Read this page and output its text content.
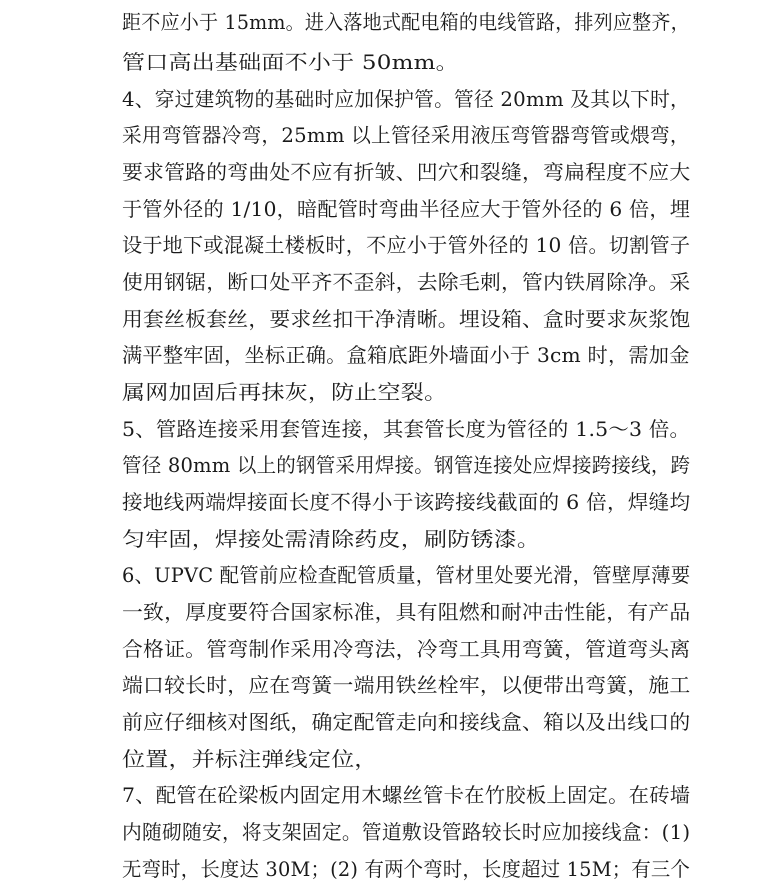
距不应小于 15mm。进入落地式配电箱的电线管路，排列应整齐，
管口高出基础面不小于 50mm。
4、穿过建筑物的基础时应加保护管。管径 20mm 及其以下时，
采用弯管器冷弯，25mm 以上管径采用液压弯管器弯管或煨弯，
要求管路的弯曲处不应有折皱、凹穴和裂缝，弯扁程度不应大
于管外径的 1/10，暗配管时弯曲半径应大于管外径的 6 倍，埋
设于地下或混凝土楼板时，不应小于管外径的 10 倍。切割管子
使用钢锯，断口处平齐不歪斜，去除毛刺，管内铁屑除净。采
用套丝板套丝，要求丝扣干净清晰。埋设箱、盒时要求灰浆饱
满平整牢固，坐标正确。盒箱底距外墙面小于 3cm 时，需加金
属网加固后再抹灰，防止空裂。
5、管路连接采用套管连接，其套管长度为管径的 1.5～3 倍。
管径 80mm 以上的钢管采用焊接。钢管连接处应焊接跨接线，跨
接地线两端焊接面长度不得小于该跨接线截面的 6 倍，焊缝均
匀牢固，焊接处需清除药皮，刷防锈漆。
6、UPVC 配管前应检查配管质量，管材里处要光滑，管壁厚薄要
一致，厚度要符合国家标准，具有阻燃和耐冲击性能，有产品
合格证。管弯制作采用冷弯法，冷弯工具用弯簧，管道弯头离
端口较长时，应在弯簧一端用铁丝栓牢，以便带出弯簧，施工
前应仔细核对图纸，确定配管走向和接线盒、箱以及出线口的
位置，并标注弹线定位，
7、配管在砼梁板内固定用木螺丝管卡在竹胶板上固定。在砖墙
内随砌随安，将支架固定。管道敷设管路较长时应加接线盒：(1)
无弯时，长度达 30M；(2) 有两个弯时，长度超过 15M；有三个
